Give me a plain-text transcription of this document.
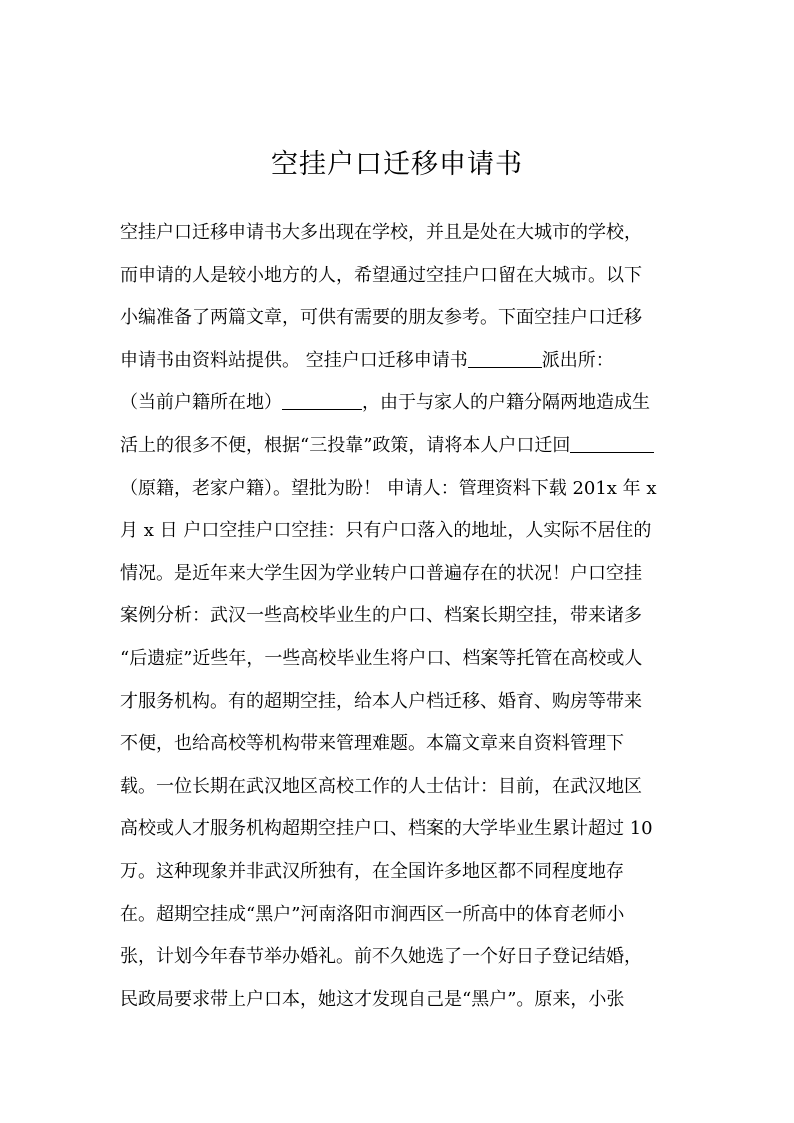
空挂户口迁移申请书
空挂户口迁移申请书大多出现在学校，并且是处在大城市的学校，
而申请的人是较小地方的人，希望通过空挂户口留在大城市。以下
小编准备了两篇文章，可供有需要的朋友参考。下面空挂户口迁移
申请书由资料站提供。 空挂户口迁移申请书	派出所：
（当前户籍所在地）	，由于与家人的户籍分隔两地造成生
活上的很多不便，根据“三投靠”政策，请将本人户口迁回
（原籍，老家户籍）。望批为盼！ 申请人：管理资料下载 201x 年 x
月 x 日 户口空挂户口空挂：只有户口落入的地址，人实际不居住的
情况。是近年来大学生因为学业转户口普遍存在的状况！户口空挂
案例分析：武汉一些高校毕业生的户口、档案长期空挂，带来诸多
“后遗症”近些年，一些高校毕业生将户口、档案等托管在高校或人
才服务机构。有的超期空挂，给本人户档迁移、婚育、购房等带来
不便，也给高校等机构带来管理难题。本篇文章来自资料管理下
载。一位长期在武汉地区高校工作的人士估计：目前，在武汉地区
高校或人才服务机构超期空挂户口、档案的大学毕业生累计超过 10
万。这种现象并非武汉所独有，在全国许多地区都不同程度地存
在。超期空挂成“黑户”河南洛阳市涧西区一所高中的体育老师小
张，计划今年春节举办婚礼。前不久她选了一个好日子登记结婚，
民政局要求带上户口本，她这才发现自己是“黑户”。原来，小张
